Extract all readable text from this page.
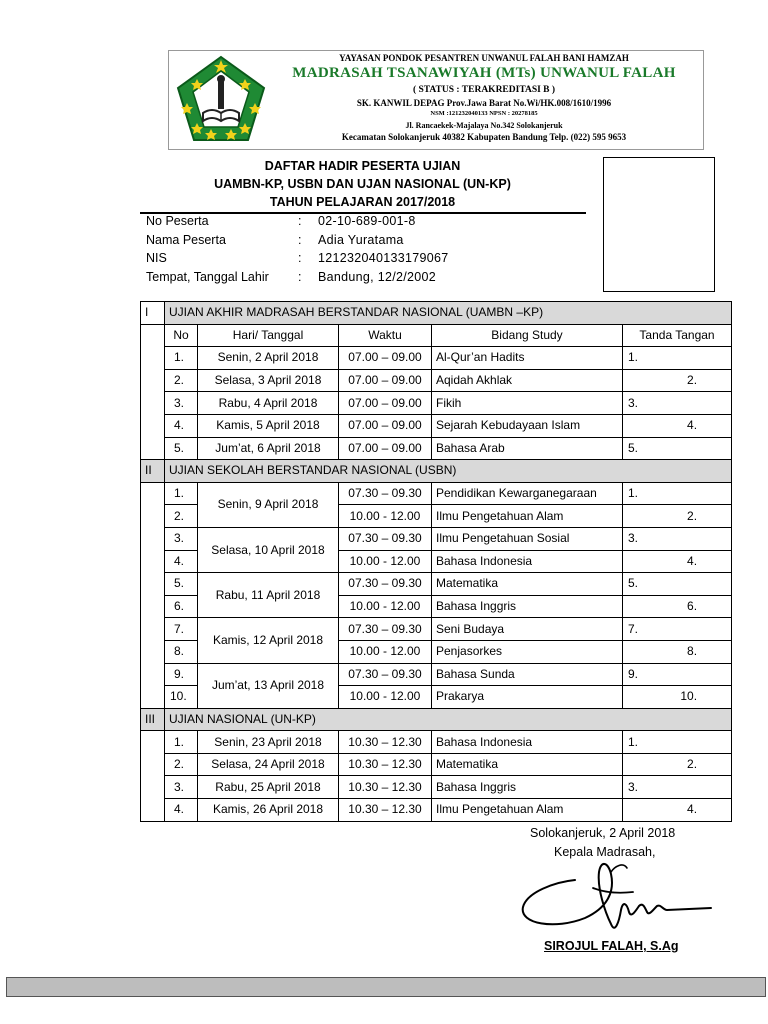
YAYASAN PONDOK PESANTREN UNWANUL FALAH BANI HAMZAH
MADRASAH TSANAWIYAH (MTs) UNWANUL FALAH
( STATUS : TERAKREDITASI B )
SK. KANWIL DEPAG Prov.Jawa Barat No.Wi/HK.008/1610/1996
NSM :121232040133 NPSN : 20278185
Jl. Rancaekek-Majalaya No.342 Solokanjeruk
Kecamatan Solokanjeruk 40382 Kabupaten Bandung Telp. (022) 595 9653
DAFTAR HADIR PESERTA UJIAN
UAMBN-KP, USBN DAN UJAN NASIONAL (UN-KP)
TAHUN PELAJARAN 2017/2018
No Peserta	: 02-10-689-001-8
Nama Peserta	: Adia Yuratama
NIS	: 121232040133179067
Tempat, Tanggal Lahir : Bandung, 12/2/2002
I	UJIAN AKHIR MADRASAH BERSTANDAR NASIONAL (UAMBN –KP)				
	No	Hari/ Tanggal	Waktu	Bidang Study	Tanda Tangan
	1.	Senin, 2 April 2018	07.00 – 09.00	Al-Qur’an Hadits	1.
	2.	Selasa, 3 April 2018	07.00 – 09.00	Aqidah Akhlak	2.
	3.	Rabu, 4 April 2018	07.00 – 09.00	Fikih	3.
	4.	Kamis, 5 April 2018	07.00 – 09.00	Sejarah Kebudayaan Islam	4.
	5.	Jum’at, 6 April 2018	07.00 – 09.00	Bahasa Arab	5.
II	UJIAN SEKOLAH BERSTANDAR NASIONAL (USBN)				
	1.	Senin, 9 April 2018	07.30 – 09.30	Pendidikan Kewarganegaraan	1.
	2.		10.00 - 12.00	Ilmu Pengetahuan Alam	2.
	3.	Selasa, 10 April 2018	07.30 – 09.30	Ilmu Pengetahuan Sosial	3.
	4.		10.00 - 12.00	Bahasa Indonesia	4.
	5.	Rabu, 11 April 2018	07.30 – 09.30	Matematika	5.
	6.		10.00 - 12.00	Bahasa Inggris	6.
	7.	Kamis, 12 April 2018	07.30 – 09.30	Seni Budaya	7.
	8.		10.00 - 12.00	Penjasorkes	8.
	9.	Jum’at, 13 April 2018	07.30 – 09.30	Bahasa Sunda	9.
	10.		10.00 - 12.00	Prakarya	10.
III	UJIAN NASIONAL (UN-KP)				
	1.	Senin, 23 April 2018	10.30 – 12.30	Bahasa Indonesia	1.
	2.	Selasa, 24 April 2018	10.30 – 12.30	Matematika	2.
	3.	Rabu, 25 April 2018	10.30 – 12.30	Bahasa Inggris	3.
	4.	Kamis, 26 April 2018	10.30 – 12.30	Ilmu Pengetahuan Alam	4.
Solokanjeruk, 2 April 2018
Kepala Madrasah,
SIROJUL FALAH, S.Ag
